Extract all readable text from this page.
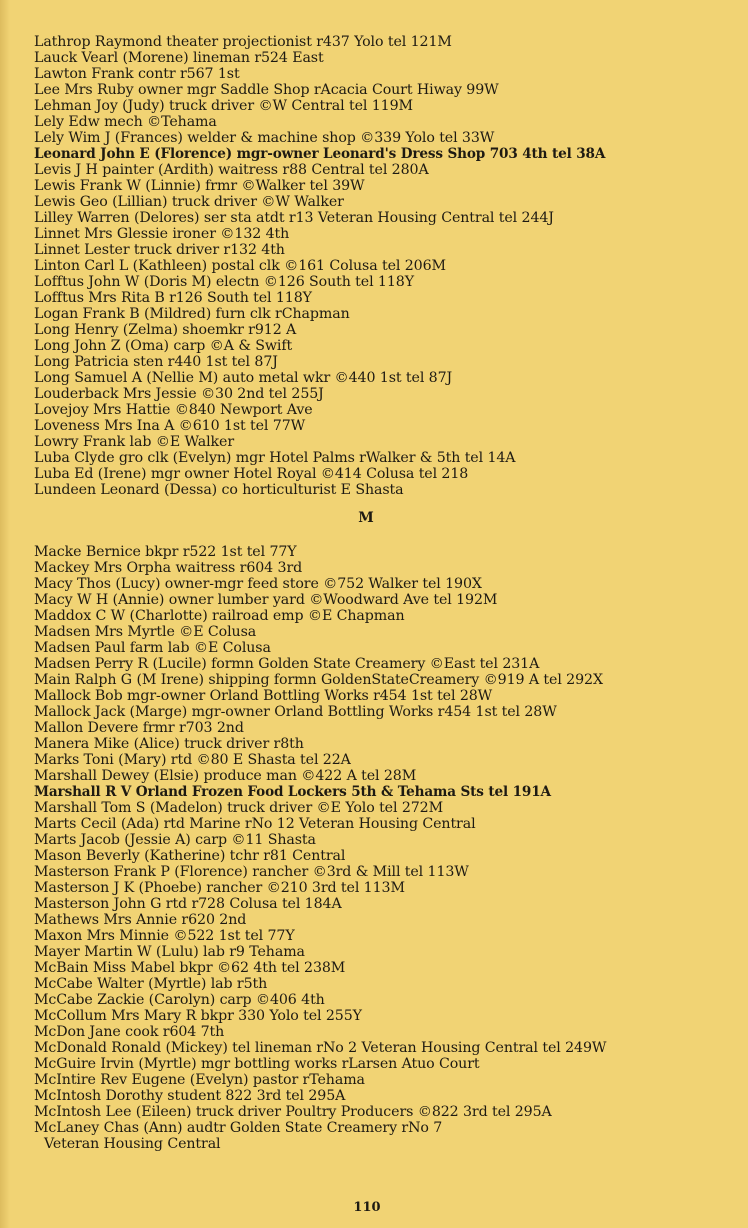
Lathrop Raymond theater projectionist r437 Yolo tel 121M
Lauck Vearl (Morene) lineman r524 East
Lawton Frank contr r567 1st
Lee Mrs Ruby owner mgr Saddle Shop rAcacia Court Hiway 99W
Lehman Joy (Judy) truck driver ©W Central tel 119M
Lely Edw mech ©Tehama
Lely Wim J (Frances) welder & machine shop ©339 Yolo tel 33W
Leonard John E (Florence) mgr-owner Leonard's Dress Shop 703 4th tel 38A
Levis J H painter (Ardith) waitress r88 Central tel 280A
Lewis Frank W (Linnie) frmr ©Walker tel 39W
Lewis Geo (Lillian) truck driver ©W Walker
Lilley Warren (Delores) ser sta atdt r13 Veteran Housing Central tel 244J
Linnet Mrs Glessie ironer ©132 4th
Linnet Lester truck driver r132 4th
Linton Carl L (Kathleen) postal clk ©161 Colusa tel 206M
Lofftus John W (Doris M) electn ©126 South tel 118Y
Lofftus Mrs Rita B r126 South tel 118Y
Logan Frank B (Mildred) furn clk rChapman
Long Henry (Zelma) shoemkr r912 A
Long John Z (Oma) carp ©A & Swift
Long Patricia sten r440 1st tel 87J
Long Samuel A (Nellie M) auto metal wkr ©440 1st tel 87J
Louderback Mrs Jessie ©30 2nd tel 255J
Lovejoy Mrs Hattie ©840 Newport Ave
Loveness Mrs Ina A ©610 1st tel 77W
Lowry Frank lab ©E Walker
Luba Clyde gro clk (Evelyn) mgr Hotel Palms rWalker & 5th tel 14A
Luba Ed (Irene) mgr owner Hotel Royal ©414 Colusa tel 218
Lundeen Leonard (Dessa) co horticulturist E Shasta
M
Macke Bernice bkpr r522 1st tel 77Y
Mackey Mrs Orpha waitress r604 3rd
Macy Thos (Lucy) owner-mgr feed store ©752 Walker tel 190X
Macy W H (Annie) owner lumber yard ©Woodward Ave tel 192M
Maddox C W (Charlotte) railroad emp ©E Chapman
Madsen Mrs Myrtle ©E Colusa
Madsen Paul farm lab ©E Colusa
Madsen Perry R (Lucile) formn Golden State Creamery ©East tel 231A
Main Ralph G (M Irene) shipping formn GoldenStateCreamery ©919 A tel 292X
Mallock Bob mgr-owner Orland Bottling Works r454 1st tel 28W
Mallock Jack (Marge) mgr-owner Orland Bottling Works r454 1st tel 28W
Mallon Devere frmr r703 2nd
Manera Mike (Alice) truck driver r8th
Marks Toni (Mary) rtd ©80 E Shasta tel 22A
Marshall Dewey (Elsie) produce man ©422 A tel 28M
Marshall R V Orland Frozen Food Lockers 5th & Tehama Sts tel 191A
Marshall Tom S (Madelon) truck driver ©E Yolo tel 272M
Marts Cecil (Ada) rtd Marine rNo 12 Veteran Housing Central
Marts Jacob (Jessie A) carp ©11 Shasta
Mason Beverly (Katherine) tchr r81 Central
Masterson Frank P (Florence) rancher ©3rd & Mill tel 113W
Masterson J K (Phoebe) rancher ©210 3rd tel 113M
Masterson John G rtd r728 Colusa tel 184A
Mathews Mrs Annie r620 2nd
Maxon Mrs Minnie ©522 1st tel 77Y
Mayer Martin W (Lulu) lab r9 Tehama
McBain Miss Mabel bkpr ©62 4th tel 238M
McCabe Walter (Myrtle) lab r5th
McCabe Zackie (Carolyn) carp ©406 4th
McCollum Mrs Mary R bkpr 330 Yolo tel 255Y
McDon Jane cook r604 7th
McDonald Ronald (Mickey) tel lineman rNo 2 Veteran Housing Central tel 249W
McGuire Irvin (Myrtle) mgr bottling works rLarsen Atuo Court
McIntire Rev Eugene (Evelyn) pastor rTehama
McIntosh Dorothy student 822 3rd tel 295A
McIntosh Lee (Eileen) truck driver Poultry Producers ©822 3rd tel 295A
McLaney Chas (Ann) audtr Golden State Creamery rNo 7
Veteran Housing Central
110
